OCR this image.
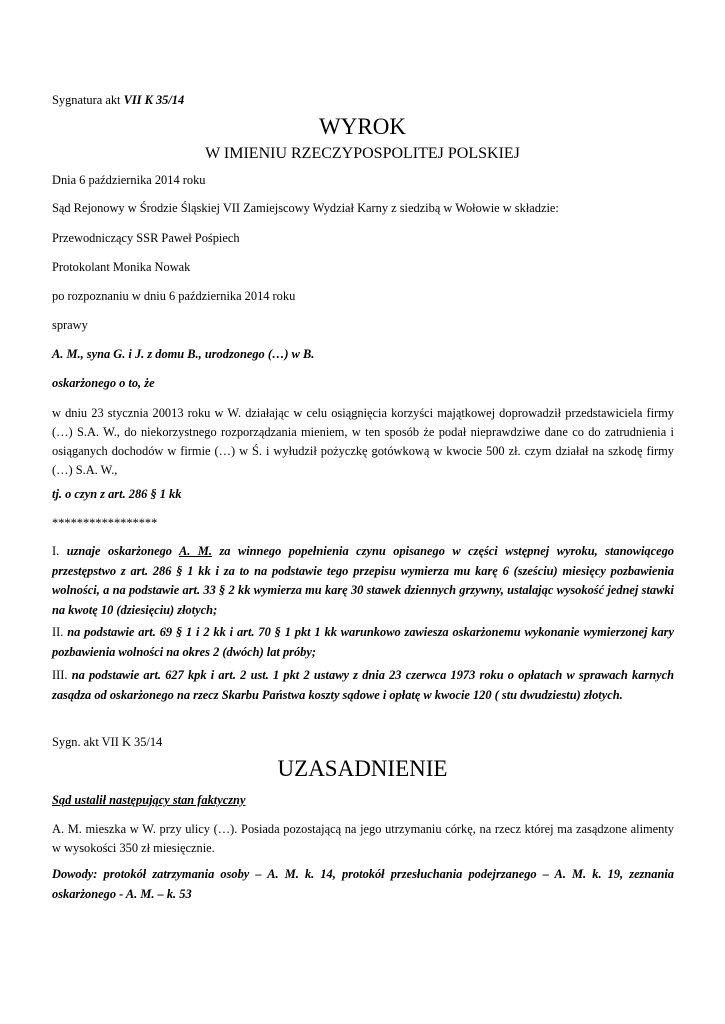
Sygnatura akt VII K 35/14
WYROK
W IMIENIU RZECZYPOSPOLITEJ POLSKIEJ

Dnia 6 października 2014 roku

Sąd Rejonowy w Środzie Śląskiej VII Zamiejscowy Wydział Karny z siedzibą w Wołowie w składzie:

Przewodniczący SSR Paweł Pośpiech

Protokolant Monika Nowak

po rozpoznaniu w dniu 6 października 2014 roku

sprawy

A. M., syna G. i J. z domu B., urodzonego (…) w B.

oskarżonego o to, że

w dniu 23 stycznia 20013 roku w W. działając w celu osiągnięcia korzyści majątkowej doprowadził przedstawiciela firmy (…) S.A. W., do niekorzystnego rozporządzania mieniem, w ten sposób że podał nieprawdziwe dane co do zatrudnienia i osiąganych dochodów w firmie (…) w Ś. i wyłudził pożyczkę gotówkową w kwocie 500 zł. czym działał na szkodę firmy (…) S.A. W.,

tj. o czyn z art. 286 § 1 kk

*****************

I. uznaje oskarżonego A. M. za winnego popełnienia czynu opisanego w części wstępnej wyroku, stanowiącego przestępstwo z art. 286 § 1 kk i za to na podstawie tego przepisu wymierza mu karę 6 (sześciu) miesięcy pozbawienia wolności, a na podstawie art. 33 § 2 kk wymierza mu karę 30 stawek dziennych grzywny, ustalając wysokość jednej stawki na kwotę 10 (dziesięciu) złotych;

II. na podstawie art. 69 § 1 i 2 kk i art. 70 § 1 pkt 1 kk warunkowo zawiesza oskarżonemu wykonanie wymierzonej kary pozbawienia wolności na okres 2 (dwóch) lat próby;

III. na podstawie art. 627 kpk i art. 2 ust. 1 pkt 2 ustawy z dnia 23 czerwca 1973 roku o opłatach w sprawach karnych zasądza od oskarżonego na rzecz Skarbu Państwa koszty sądowe i opłatę w kwocie 120 ( stu dwudziestu) złotych.

Sygn. akt VII K 35/14

UZASADNIENIE

Sąd ustalił następujący stan faktyczny

A. M. mieszka w W. przy ulicy (…). Posiada pozostającą na jego utrzymaniu córkę, na rzecz której ma zasądzone alimenty w wysokości 350 zł miesięcznie.

Dowody: protokół zatrzymania osoby – A. M. k. 14, protokół przesłuchania podejrzanego – A. M. k. 19, zeznania oskarżonego - A. M. – k. 53
